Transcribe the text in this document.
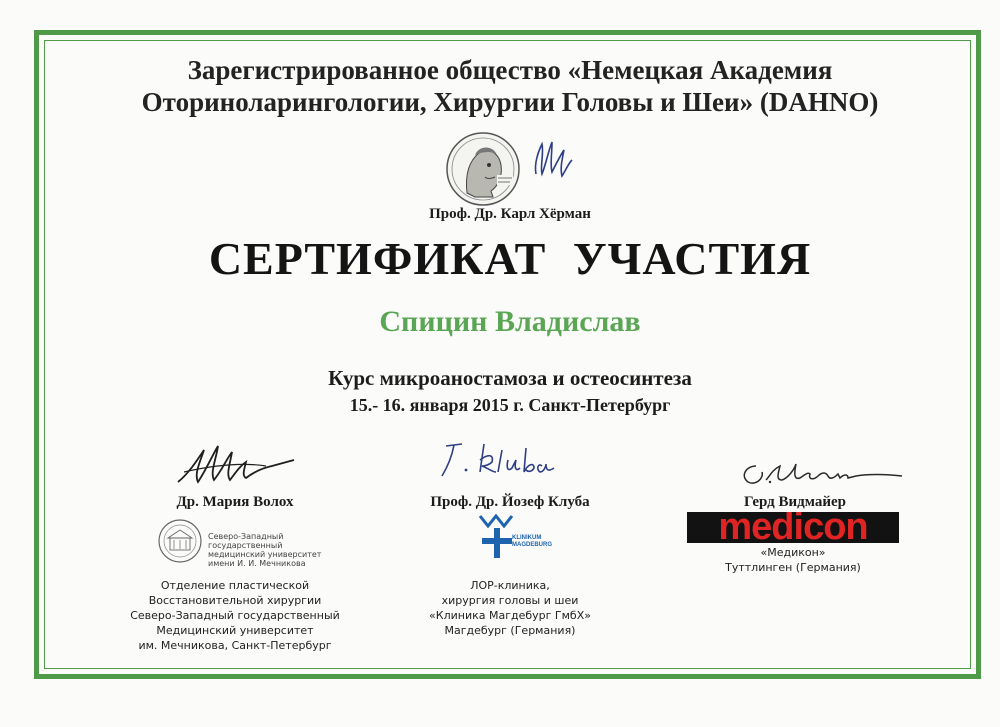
Зарегистрированное общество «Немецкая Академия
Оториноларингологии, Хирургии Головы и Шеи» (DAHNO)
Проф. Др. Карл Хёрман
СЕРТИФИКАТ УЧАСТИЯ
Спицин Владислав
Курс микроаностамоза и остеосинтеза
15.- 16. января 2015 г. Санкт-Петербург
Др. Мария Волох
Северо-Западный государственный
медицинский университет
имени И. И. Мечникова
Отделение пластической
Восстановительной хирургии
Северо-Западный государственный
Медицинский университет
им. Мечникова, Санкт-Петербург
Проф. Др. Йозеф Клуба
KLINIKUM
MAGDEBURG
ЛОР-клиника,
хирургия головы и шеи
«Клиника Магдебург ГмбХ»
Магдебург (Германия)
Герд Видмайер
medicon
«Медикон»
Туттлинген (Германия)
